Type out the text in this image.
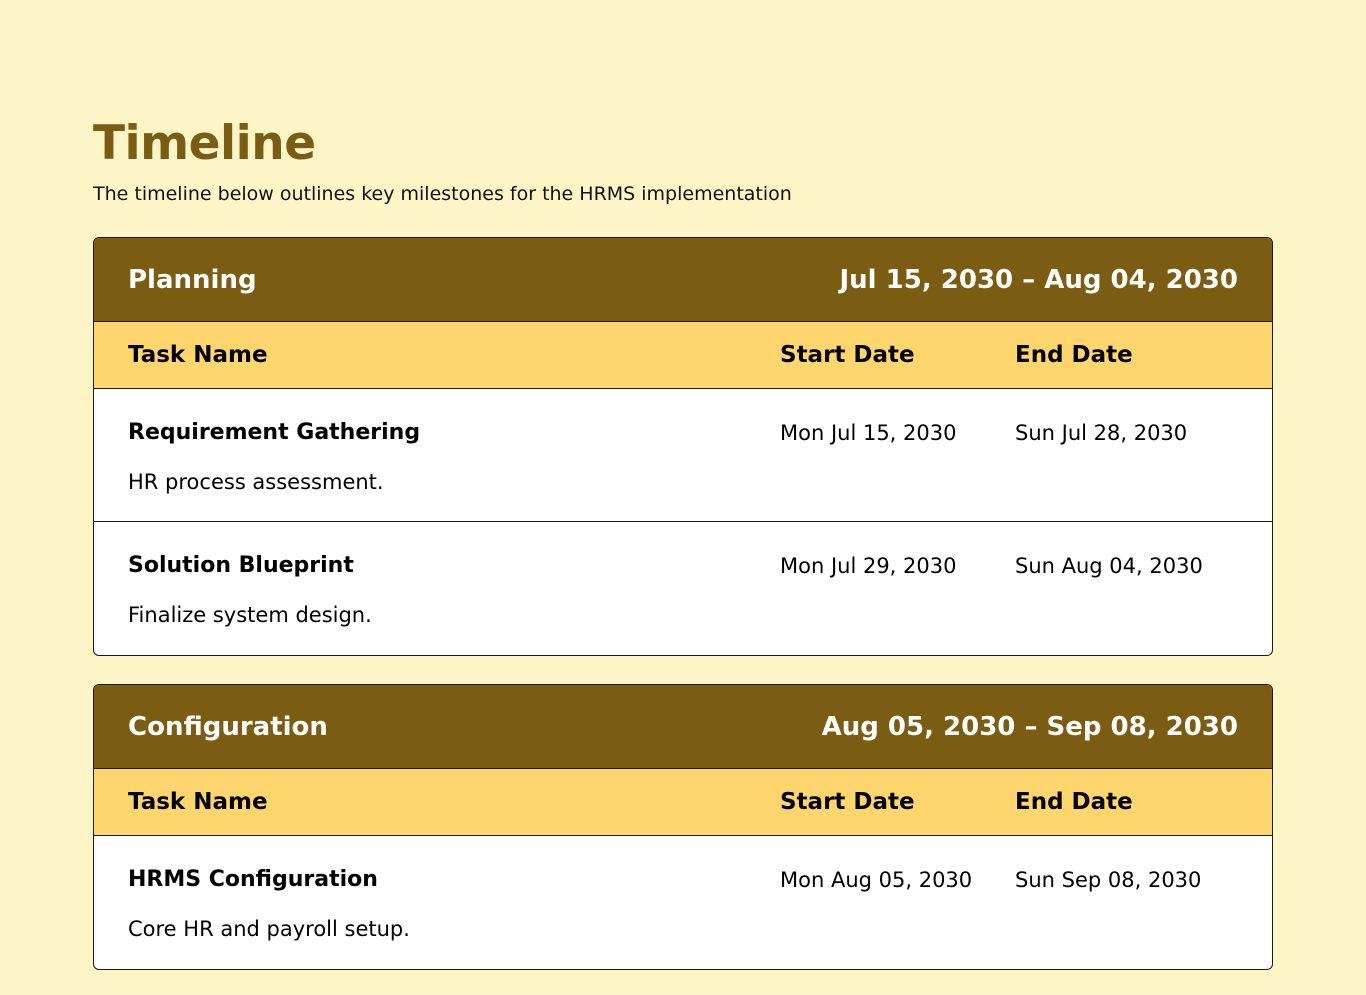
Timeline

The timeline below outlines key milestones for the HRMS implementation

Planning	Jul 15, 2030 – Aug 04, 2030
Task Name	Start Date	End Date
Requirement Gathering
HR process assessment.
Mon Jul 15, 2030	Sun Jul 28, 2030
Solution Blueprint
Finalize system design.
Mon Jul 29, 2030	Sun Aug 04, 2030
Configuration	Aug 05, 2030 – Sep 08, 2030
Task Name	Start Date	End Date
HRMS Configuration
Core HR and payroll setup.
Mon Aug 05, 2030	Sun Sep 08, 2030
